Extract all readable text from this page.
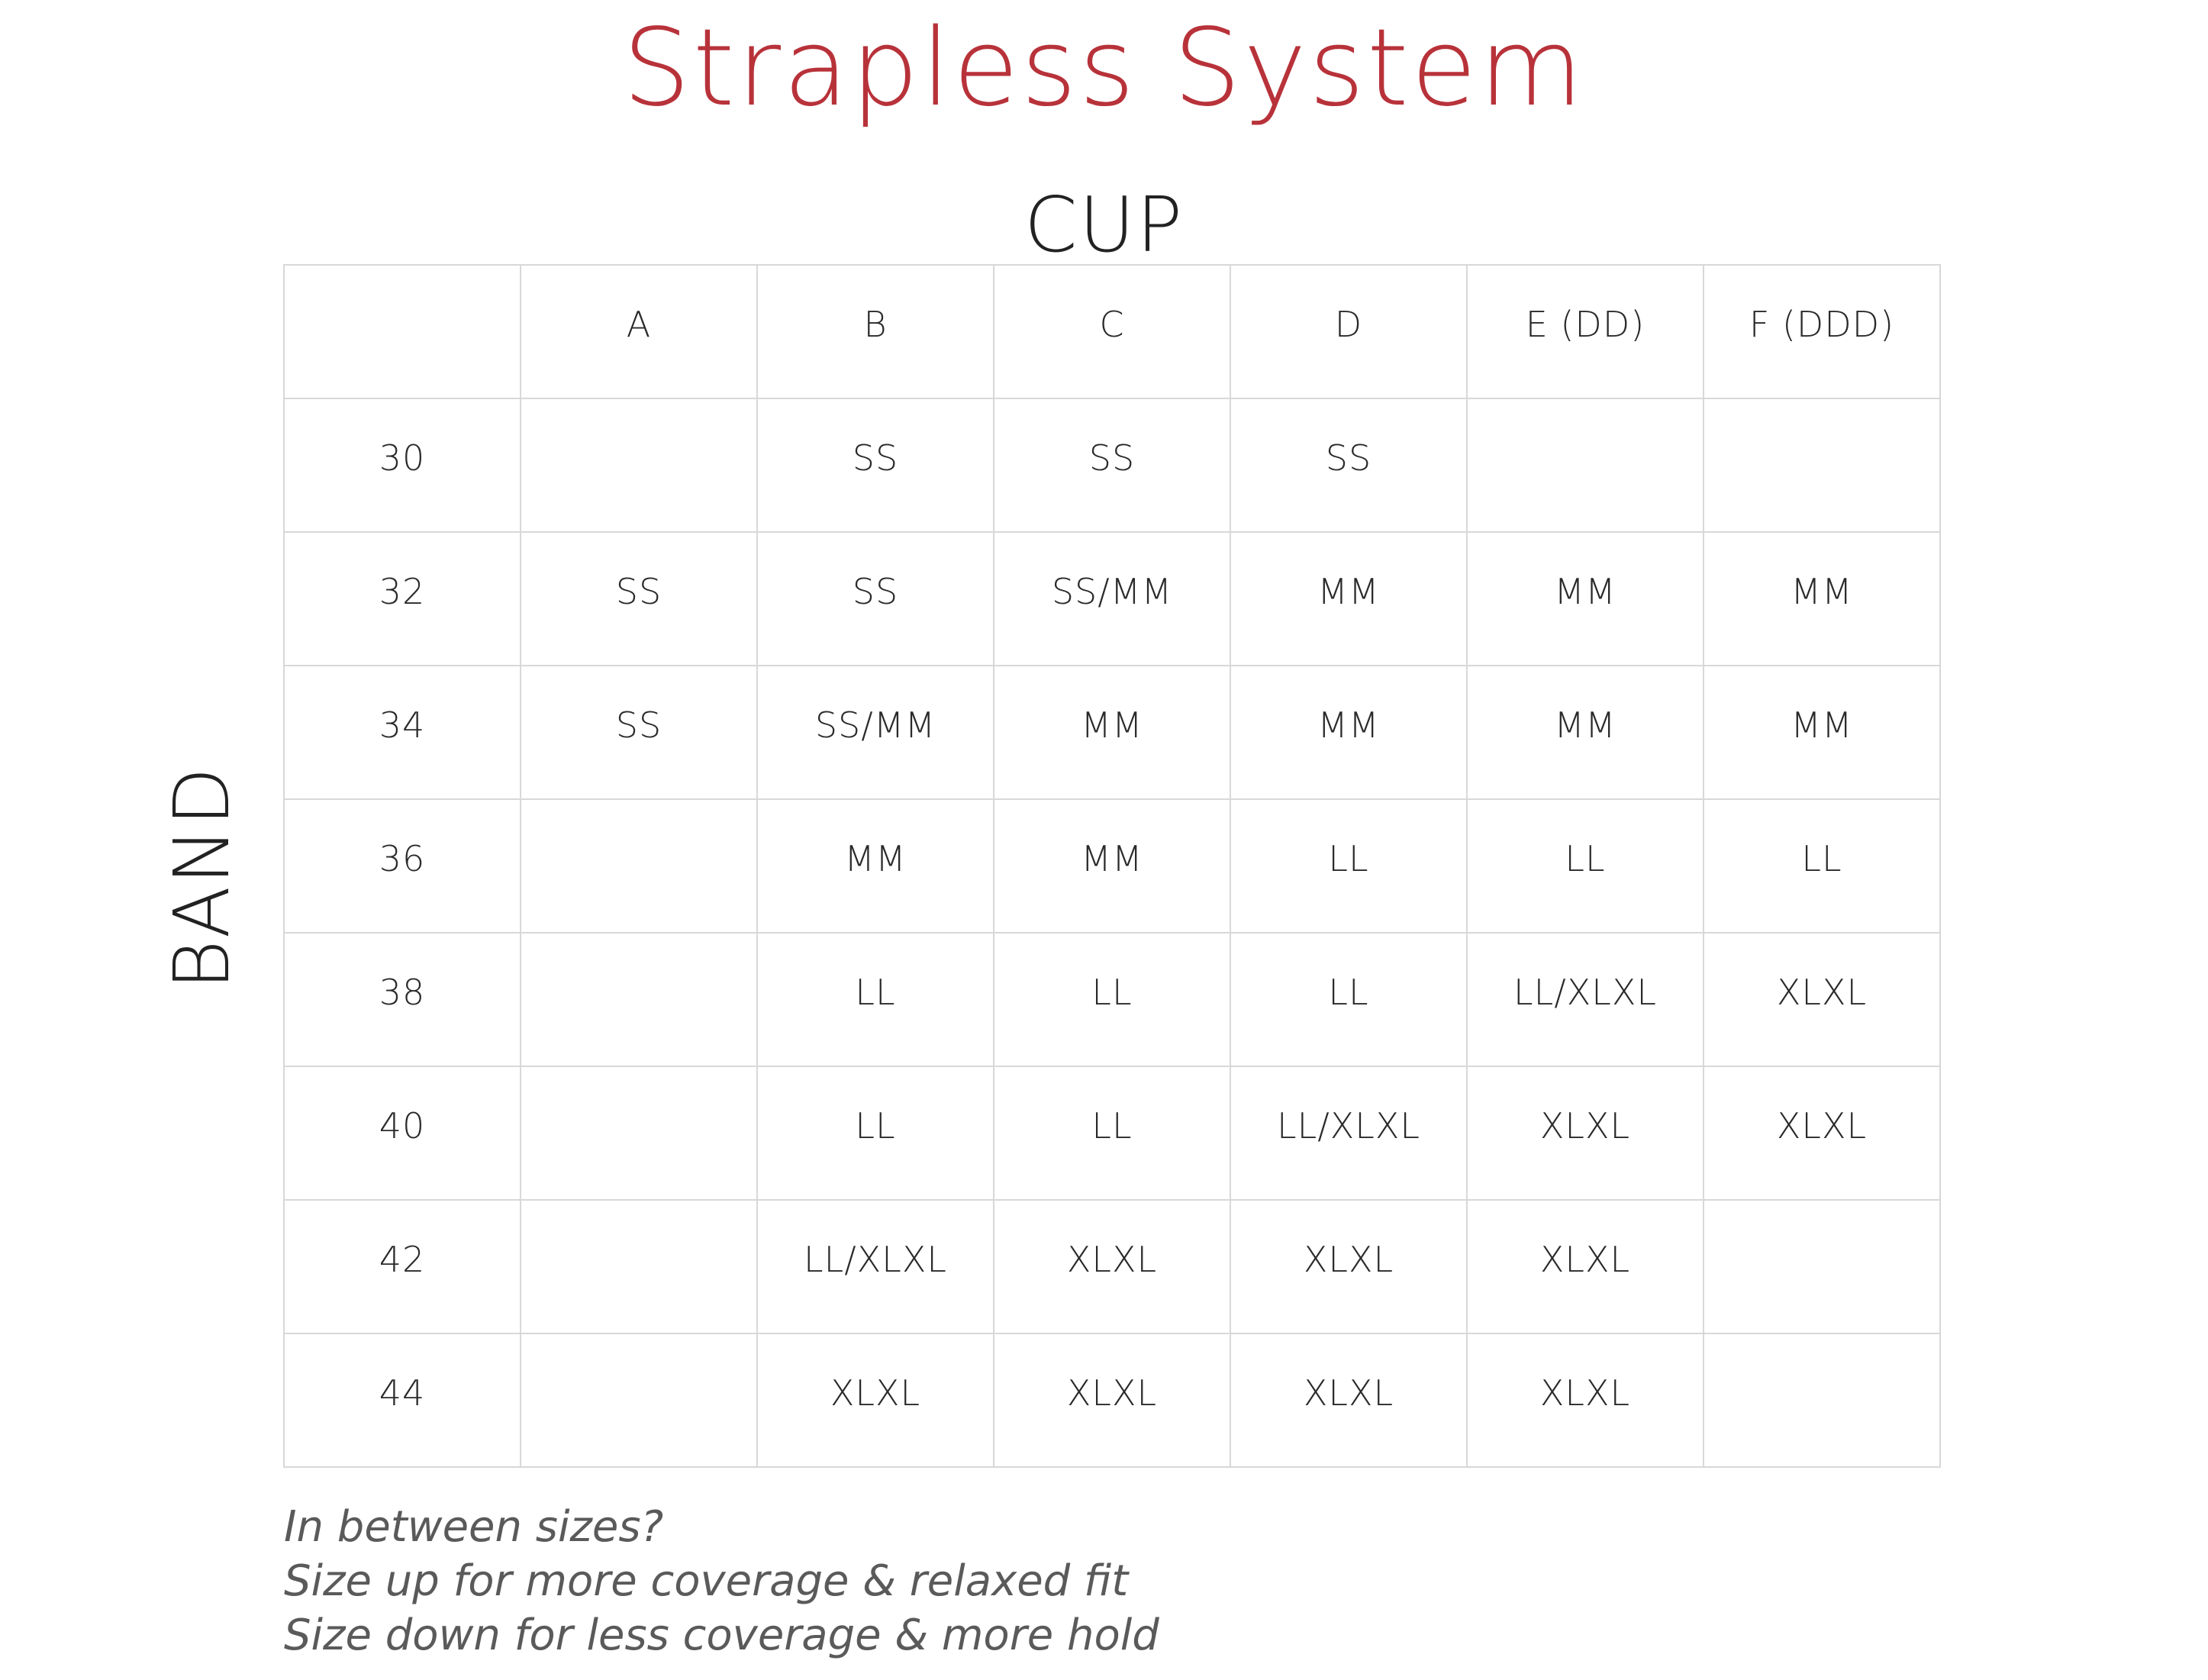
Strapless System
CUP
BAND
	A	B	C	D	E (DD)	F (DDD)
30		SS	SS	SS		
32	SS	SS	SS/MM	MM	MM	MM
34	SS	SS/MM	MM	MM	MM	MM
36		MM	MM	LL	LL	LL
38		LL	LL	LL	LL/XLXL	XLXL
40		LL	LL	LL/XLXL	XLXL	XLXL
42		LL/XLXL	XLXL	XLXL	XLXL	
44		XLXL	XLXL	XLXL	XLXL	
In between sizes?
Size up for more coverage & relaxed fit
Size down for less coverage & more hold
